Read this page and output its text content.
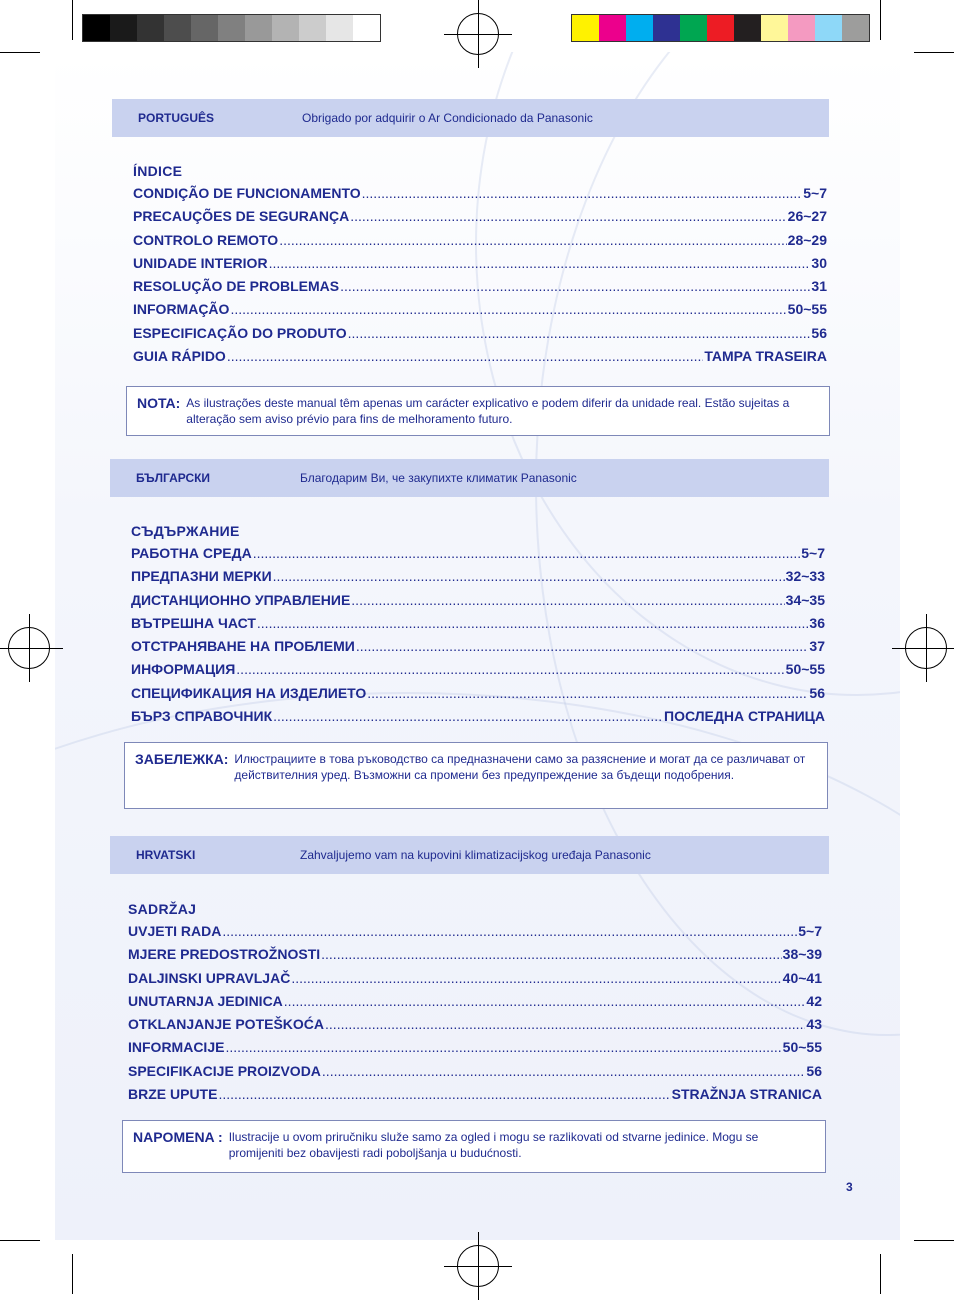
PORTUGUÊS	Obrigado por adquirir o Ar Condicionado da Panasonic
ÍNDICE
CONDIÇÃO DE FUNCIONAMENTO .....	5~7
PRECAUÇÕES DE SEGURANÇA .....	26~27
CONTROLO REMOTO .....	28~29
UNIDADE INTERIOR .....	30
RESOLUÇÃO DE PROBLEMAS .....	31
INFORMAÇÃO .....	50~55
ESPECIFICAÇÃO DO PRODUTO .....	56
GUIA RÁPIDO .....	TAMPA TRASEIRA
NOTA: As ilustrações deste manual têm apenas um carácter explicativo e podem diferir da unidade real. Estão sujeitas a alteração sem aviso prévio para fins de melhoramento futuro.
БЪЛГАРСКИ	Благодарим Ви, че закупихте климатик Panasonic
СЪДЪРЖАНИЕ
РАБОТНА СРЕДА .....	5~7
ПРЕДПАЗНИ МЕРКИ .....	32~33
ДИСТАНЦИОННО УПРАВЛЕНИЕ .....	34~35
ВЪТРЕШНА ЧАСТ .....	36
ОТСТРАНЯВАНЕ НА ПРОБЛЕМИ .....	37
ИНФОРМАЦИЯ .....	50~55
СПЕЦИФИКАЦИЯ НА ИЗДЕЛИЕТО .....	56
БЪРЗ СПРАВОЧНИК .....	ПОСЛЕДНА СТРАНИЦА
ЗАБЕЛЕЖКА: Илюстрациите в това ръководство са предназначени само за разяснение и могат да се различават от действителния уред. Възможни са промени без предупреждение за бъдещи подобрения.
HRVATSKI	Zahvaljujemo vam na kupovini klimatizacijskog uređaja Panasonic
SADRŽAJ
UVJETI RADA .....	5~7
MJERE PREDOSTROŽNOSTI .....	38~39
DALJINSKI UPRAVLJAČ .....	40~41
UNUTARNJA JEDINICA .....	42
OTKLANJANJE POTEŠKOĆA .....	43
INFORMACIJE .....	50~55
SPECIFIKACIJE PROIZVODA .....	56
BRZE UPUTE .....	STRAŽNJA STRANICA
NAPOMENA : Ilustracije u ovom priručniku služe samo za ogled i mogu se razlikovati od stvarne jedinice. Mogu se promijeniti bez obavijesti radi poboljšanja u budućnosti.
3
